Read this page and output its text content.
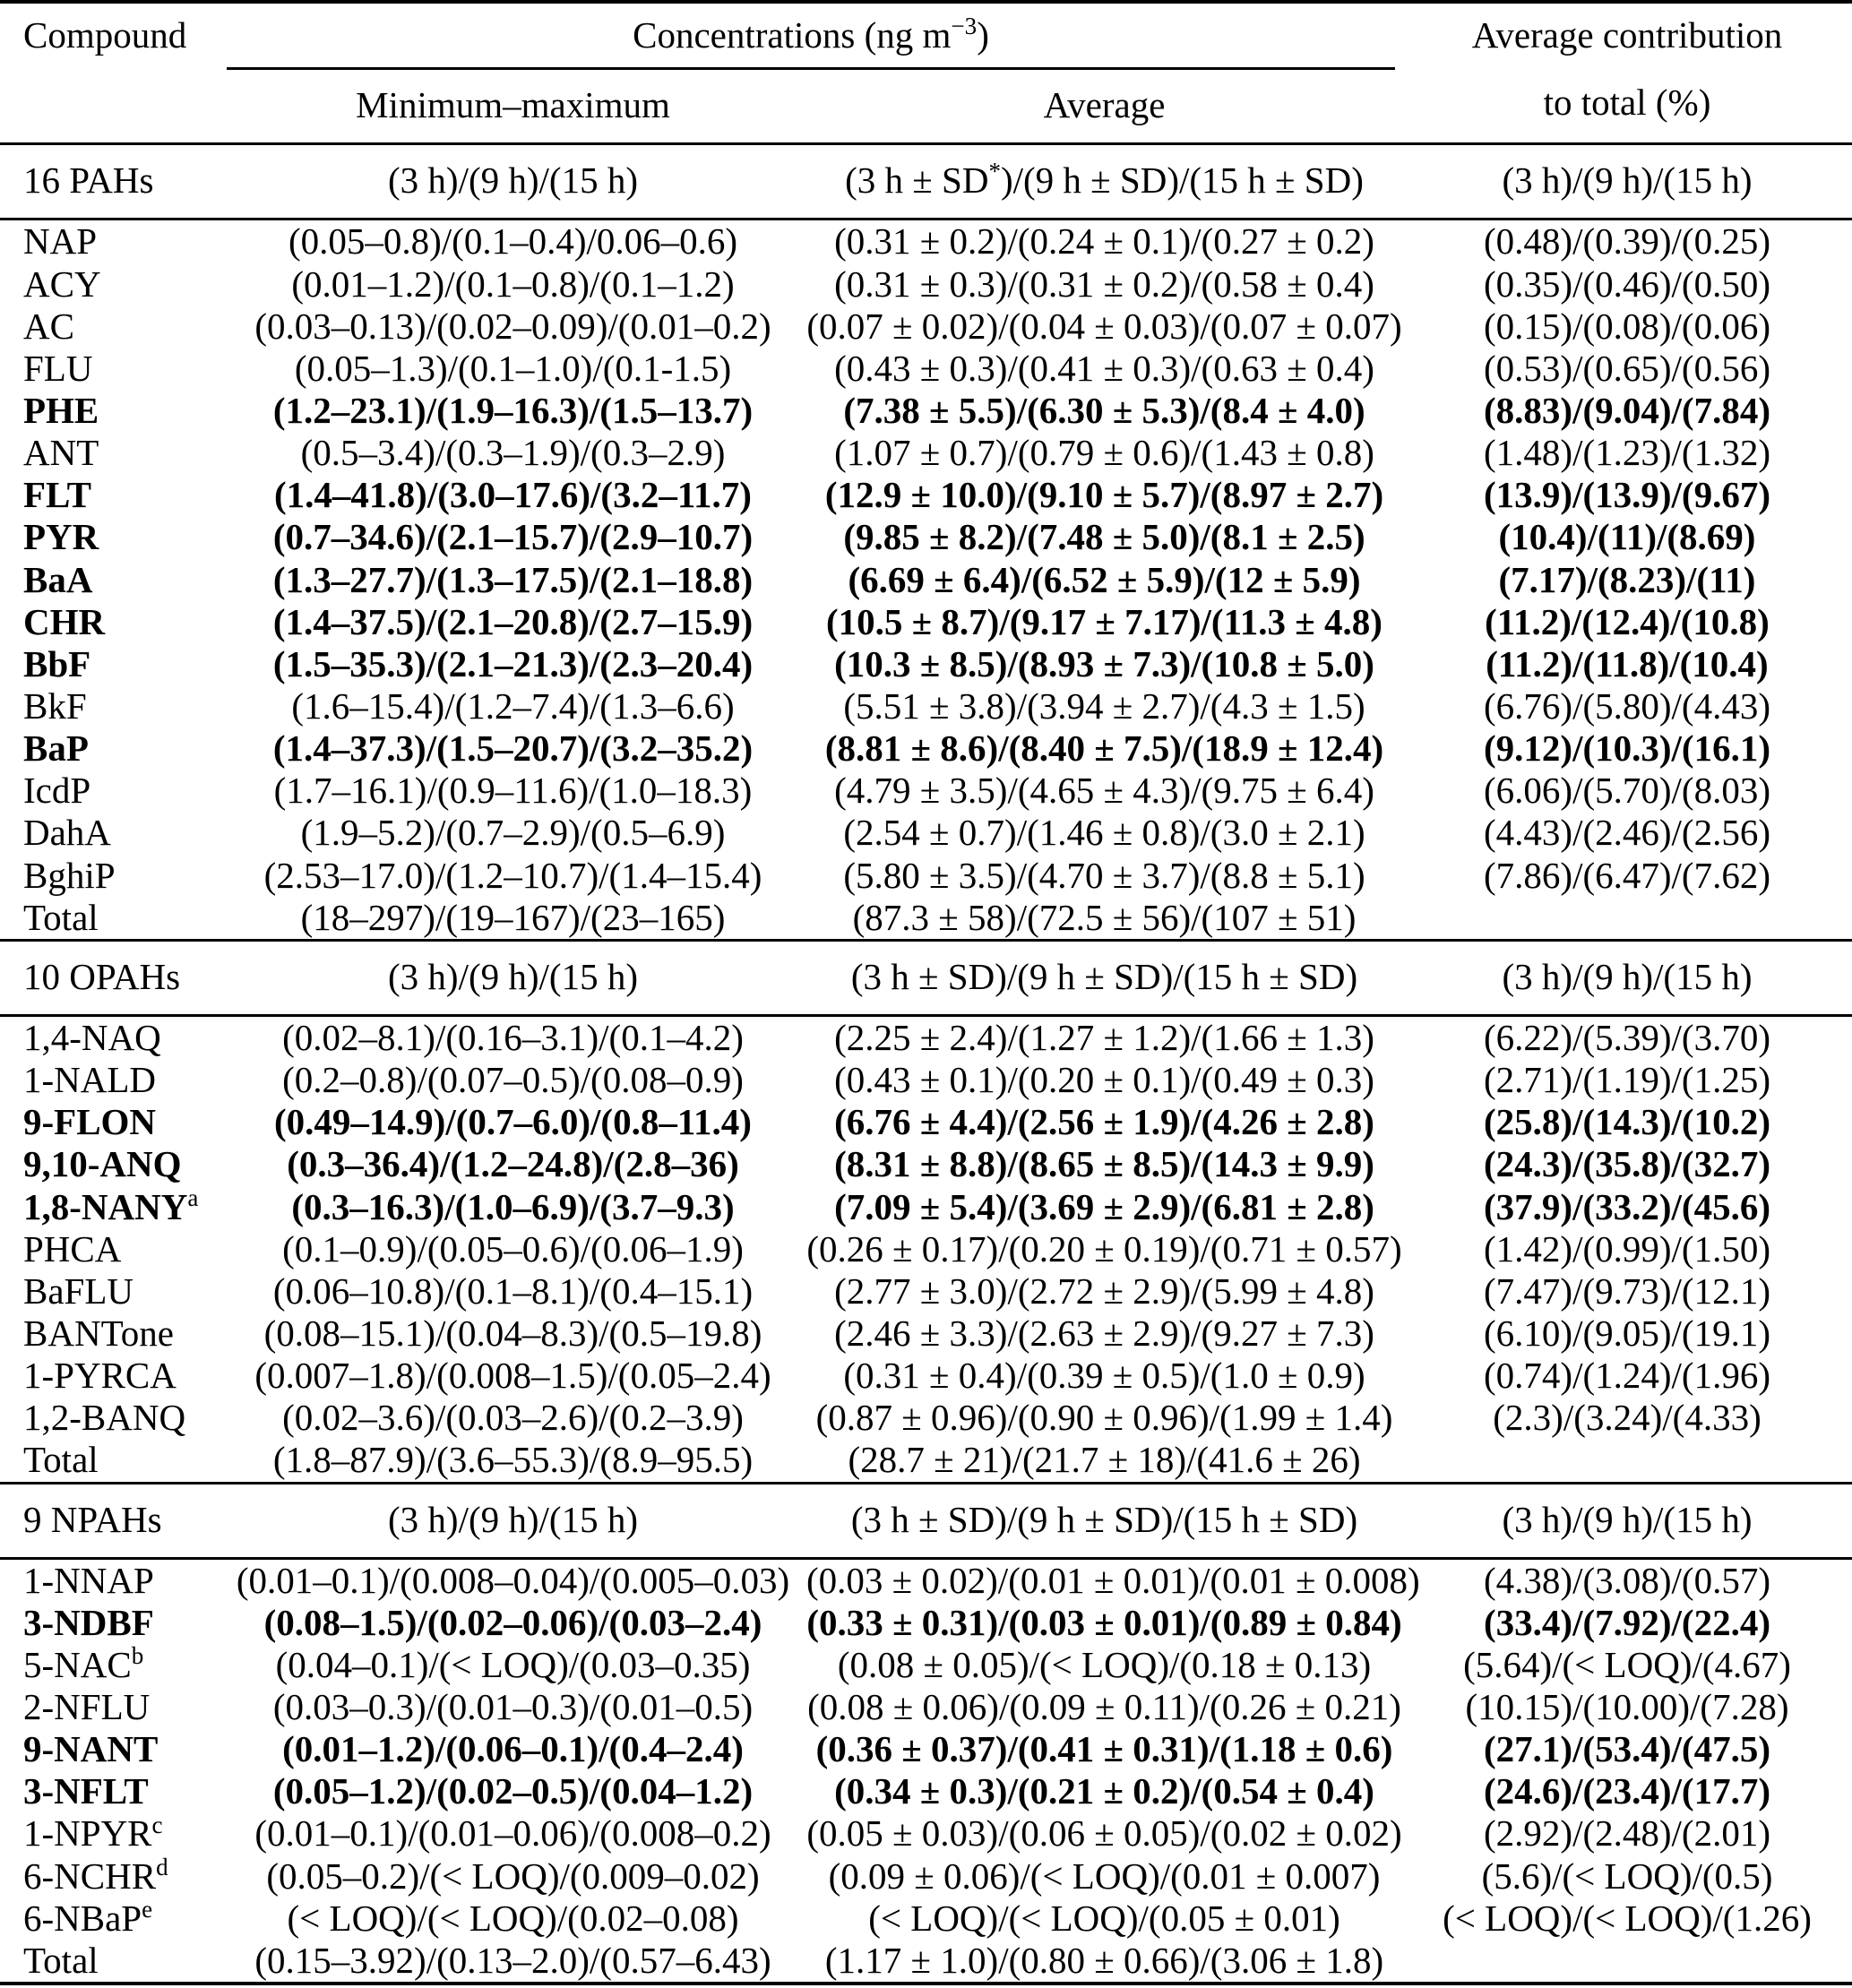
Compound	Concentrations (ng $m^{-3}$)		Average contribution
to total (%)

	Minimum–maximum	Average	
16 PAHs	(3 h)/(9 h)/(15 h)	(3 h ± SD*)/(9 h ± SD)/(15 h ± SD)	(3 h)/(9 h)/(15 h)
NAP	(0.05–0.8)/(0.1–0.4)/0.06–0.6)	(0.31 ± 0.2)/(0.24 ± 0.1)/(0.27 ± 0.2)	(0.48)/(0.39)/(0.25)
ACY	(0.01–1.2)/(0.1–0.8)/(0.1–1.2)	(0.31 ± 0.3)/(0.31 ± 0.2)/(0.58 ± 0.4)	(0.35)/(0.46)/(0.50)
AC	(0.03–0.13)/(0.02–0.09)/(0.01–0.2)	(0.07 ± 0.02)/(0.04 ± 0.03)/(0.07 ± 0.07)	(0.15)/(0.08)/(0.06)
FLU	(0.05–1.3)/(0.1–1.0)/(0.1-1.5)	(0.43 ± 0.3)/(0.41 ± 0.3)/(0.63 ± 0.4)	(0.53)/(0.65)/(0.56)
PHE	(1.2–23.1)/(1.9–16.3)/(1.5–13.7)	(7.38 ± 5.5)/(6.30 ± 5.3)/(8.4 ± 4.0)	(8.83)/(9.04)/(7.84)
ANT	(0.5–3.4)/(0.3–1.9)/(0.3–2.9)	(1.07 ± 0.7)/(0.79 ± 0.6)/(1.43 ± 0.8)	(1.48)/(1.23)/(1.32)
FLT	(1.4–41.8)/(3.0–17.6)/(3.2–11.7)	(12.9 ± 10.0)/(9.10 ± 5.7)/(8.97 ± 2.7)	(13.9)/(13.9)/(9.67)
PYR	(0.7–34.6)/(2.1–15.7)/(2.9–10.7)	(9.85 ± 8.2)/(7.48 ± 5.0)/(8.1 ± 2.5)	(10.4)/(11)/(8.69)
BaA	(1.3–27.7)/(1.3–17.5)/(2.1–18.8)	(6.69 ± 6.4)/(6.52 ± 5.9)/(12 ± 5.9)	(7.17)/(8.23)/(11)
CHR	(1.4–37.5)/(2.1–20.8)/(2.7–15.9)	(10.5 ± 8.7)/(9.17 ± 7.17)/(11.3 ± 4.8)	(11.2)/(12.4)/(10.8)
BbF	(1.5–35.3)/(2.1–21.3)/(2.3–20.4)	(10.3 ± 8.5)/(8.93 ± 7.3)/(10.8 ± 5.0)	(11.2)/(11.8)/(10.4)
BkF	(1.6–15.4)/(1.2–7.4)/(1.3–6.6)	(5.51 ± 3.8)/(3.94 ± 2.7)/(4.3 ± 1.5)	(6.76)/(5.80)/(4.43)
BaP	(1.4–37.3)/(1.5–20.7)/(3.2–35.2)	(8.81 ± 8.6)/(8.40 ± 7.5)/(18.9 ± 12.4)	(9.12)/(10.3)/(16.1)
IcdP	(1.7–16.1)/(0.9–11.6)/(1.0–18.3)	(4.79 ± 3.5)/(4.65 ± 4.3)/(9.75 ± 6.4)	(6.06)/(5.70)/(8.03)
DahA	(1.9–5.2)/(0.7–2.9)/(0.5–6.9)	(2.54 ± 0.7)/(1.46 ± 0.8)/(3.0 ± 2.1)	(4.43)/(2.46)/(2.56)
BghiP	(2.53–17.0)/(1.2–10.7)/(1.4–15.4)	(5.80 ± 3.5)/(4.70 ± 3.7)/(8.8 ± 5.1)	(7.86)/(6.47)/(7.62)
Total	(18–297)/(19–167)/(23–165)	(87.3 ± 58)/(72.5 ± 56)/(107 ± 51)	
10 OPAHs	(3 h)/(9 h)/(15 h)	(3 h ± SD)/(9 h ± SD)/(15 h ± SD)	(3 h)/(9 h)/(15 h)
1,4-NAQ	(0.02–8.1)/(0.16–3.1)/(0.1–4.2)	(2.25 ± 2.4)/(1.27 ± 1.2)/(1.66 ± 1.3)	(6.22)/(5.39)/(3.70)
1-NALD	(0.2–0.8)/(0.07–0.5)/(0.08–0.9)	(0.43 ± 0.1)/(0.20 ± 0.1)/(0.49 ± 0.3)	(2.71)/(1.19)/(1.25)
9-FLON	(0.49–14.9)/(0.7–6.0)/(0.8–11.4)	(6.76 ± 4.4)/(2.56 ± 1.9)/(4.26 ± 2.8)	(25.8)/(14.3)/(10.2)
9,10-ANQ	(0.3–36.4)/(1.2–24.8)/(2.8–36)	(8.31 ± 8.8)/(8.65 ± 8.5)/(14.3 ± 9.9)	(24.3)/(35.8)/(32.7)
1,8-NANY$^a$	(0.3–16.3)/(1.0–6.9)/(3.7–9.3)	(7.09 ± 5.4)/(3.69 ± 2.9)/(6.81 ± 2.8)	(37.9)/(33.2)/(45.6)
PHCA	(0.1–0.9)/(0.05–0.6)/(0.06–1.9)	(0.26 ± 0.17)/(0.20 ± 0.19)/(0.71 ± 0.57)	(1.42)/(0.99)/(1.50)
BaFLU	(0.06–10.8)/(0.1–8.1)/(0.4–15.1)	(2.77 ± 3.0)/(2.72 ± 2.9)/(5.99 ± 4.8)	(7.47)/(9.73)/(12.1)
BANTone	(0.08–15.1)/(0.04–8.3)/(0.5–19.8)	(2.46 ± 3.3)/(2.63 ± 2.9)/(9.27 ± 7.3)	(6.10)/(9.05)/(19.1)
1-PYRCA	(0.007–1.8)/(0.008–1.5)/(0.05–2.4)	(0.31 ± 0.4)/(0.39 ± 0.5)/(1.0 ± 0.9)	(0.74)/(1.24)/(1.96)
1,2-BANQ	(0.02–3.6)/(0.03–2.6)/(0.2–3.9)	(0.87 ± 0.96)/(0.90 ± 0.96)/(1.99 ± 1.4)	(2.3)/(3.24)/(4.33)
Total	(1.8–87.9)/(3.6–55.3)/(8.9–95.5)	(28.7 ± 21)/(21.7 ± 18)/(41.6 ± 26)	
9 NPAHs	(3 h)/(9 h)/(15 h)	(3 h ± SD)/(9 h ± SD)/(15 h ± SD)	(3 h)/(9 h)/(15 h)
1-NNAP	(0.01–0.1)/(0.008–0.04)/(0.005–0.03)	(0.03 ± 0.02)/(0.01 ± 0.01)/(0.01 ± 0.008)	(4.38)/(3.08)/(0.57)
3-NDBF	(0.08–1.5)/(0.02–0.06)/(0.03–2.4)	(0.33 ± 0.31)/(0.03 ± 0.01)/(0.89 ± 0.84)	(33.4)/(7.92)/(22.4)
5-NAC$^b$	(0.04–0.1)/(< LOQ)/(0.03–0.35)	(0.08 ± 0.05)/(< LOQ)/(0.18 ± 0.13)	(5.64)/(< LOQ)/(4.67)
2-NFLU	(0.03–0.3)/(0.01–0.3)/(0.01–0.5)	(0.08 ± 0.06)/(0.09 ± 0.11)/(0.26 ± 0.21)	(10.15)/(10.00)/(7.28)
9-NANT	(0.01–1.2)/(0.06–0.1)/(0.4–2.4)	(0.36 ± 0.37)/(0.41 ± 0.31)/(1.18 ± 0.6)	(27.1)/(53.4)/(47.5)
3-NFLT	(0.05–1.2)/(0.02–0.5)/(0.04–1.2)	(0.34 ± 0.3)/(0.21 ± 0.2)/(0.54 ± 0.4)	(24.6)/(23.4)/(17.7)
1-NPYR$^c$	(0.01–0.1)/(0.01–0.06)/(0.008–0.2)	(0.05 ± 0.03)/(0.06 ± 0.05)/(0.02 ± 0.02)	(2.92)/(2.48)/(2.01)
6-NCHR$^d$	(0.05–0.2)/(< LOQ)/(0.009–0.02)	(0.09 ± 0.06)/(< LOQ)/(0.01 ± 0.007)	(5.6)/(< LOQ)/(0.5)
6-NBaP$^e$	(< LOQ)/(< LOQ)/(0.02–0.08)	(< LOQ)/(< LOQ)/(0.05 ± 0.01)	(< LOQ)/(< LOQ)/(1.26)
Total	(0.15–3.92)/(0.13–2.0)/(0.57–6.43)	(1.17 ± 1.0)/(0.80 ± 0.66)/(3.06 ± 1.8)	
